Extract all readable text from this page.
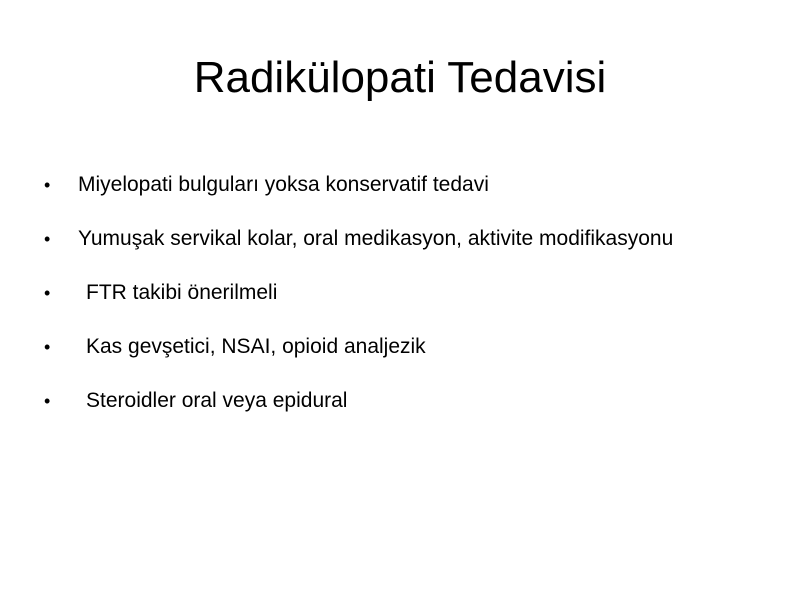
Radikülopati Tedavisi
• Miyelopati bulguları yoksa konservatif tedavi
• Yumuşak servikal kolar, oral medikasyon, aktivite modifikasyonu
• FTR takibi önerilmeli
• Kas gevşetici, NSAI, opioid analjezik
• Steroidler oral veya epidural
